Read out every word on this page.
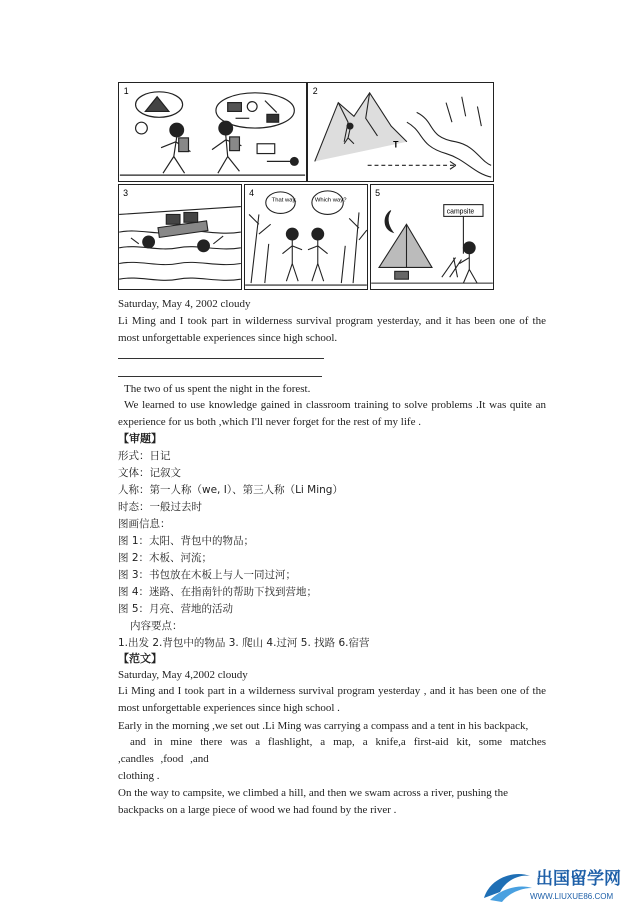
1	2
T
3	4
That way.	Which way?
5
campsite
Saturday, May 4, 2002 cloudy
Li Ming and I took part in wilderness survival program yesterday, and it has been one of the most unforgettable experiences since high school.
The two of us spent the night in the forest.
We learned to use knowledge gained in classroom training to solve problems .It was quite an experience for us both ,which I'll never forget for the rest of my life .
【审题】
形式：日记
文体：记叙文
人称：第一人称（we, I）、第三人称（Li Ming）
时态：一般过去时
图画信息：
图 1：太阳、背包中的物品；
图 2：木板、河流；
图 3：书包放在木板上与人一同过河；
图 4：迷路、在指南针的帮助下找到营地；
图 5：月亮、营地的活动
内容要点：
1.出发 2.背包中的物品 3. 爬山 4.过河 5. 找路 6.宿营
【范文】
Saturday, May 4,2002 cloudy
Li Ming and I took part in a wilderness survival program yesterday , and it has been one of the most unforgettable experiences since high school .
Early in the morning ,we set out .Li Ming was carrying a compass and a tent in his backpack,
and in mine there was a flashlight, a map, a knife,a first-aid kit, some matches ,candles ,food ,and
clothing .
On the way to campsite, we climbed a hill, and then we swam across a river, pushing the
backpacks on a large piece of wood we had found by the river .
出国留学网
WWW.LIUXUE86.COM
